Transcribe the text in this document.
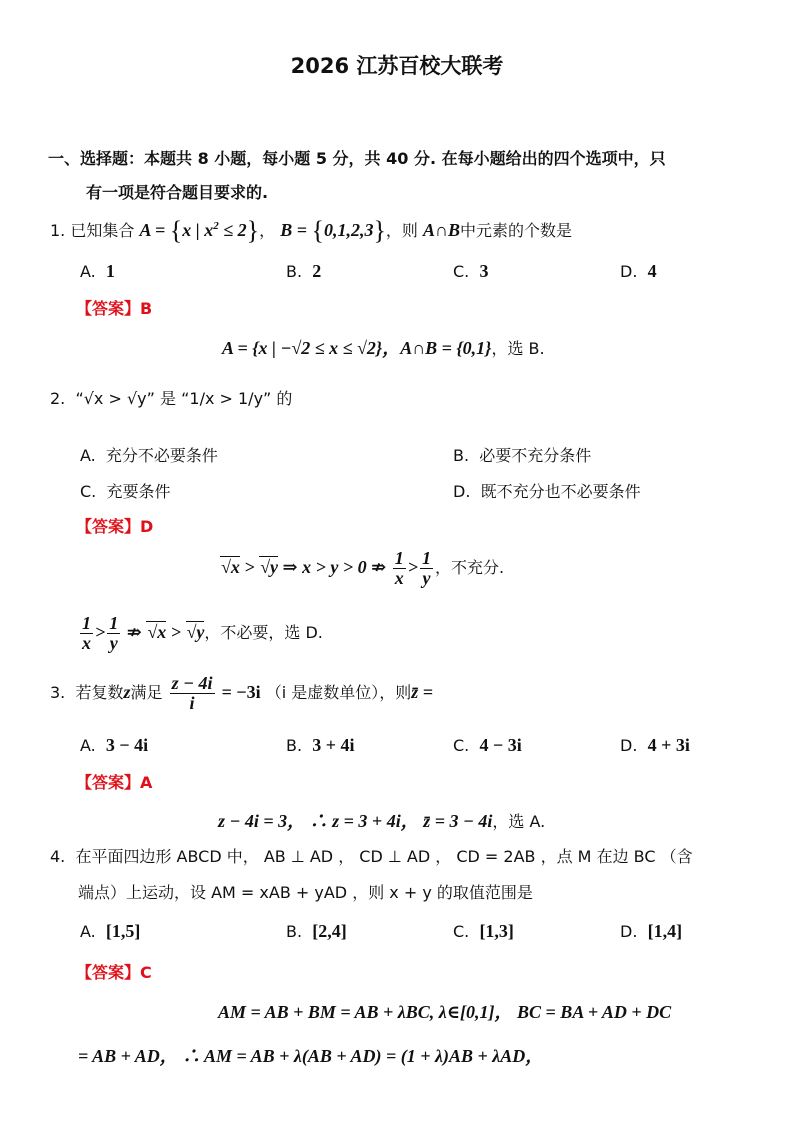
2026 江苏百校大联考
一、选择题：本题共 8 小题，每小题 5 分，共 40 分. 在每小题给出的四个选项中，只
有一项是符合题目要求的.
1. 已知集合 A = {x | $x^2 \le 2$}， B = {0,1,2,3}，则 A∩B中元素的个数是
A. 1	B. 2	C. 3	D. 4
【答案】B
A = {x | −√2 ≤ x ≤ √2}，A∩B = {0,1}，选 B.
2. “√x > √y” 是 “1/x > 1/y” 的
A. 充分不必要条件	B. 必要不充分条件
C. 充要条件	D. 既不充分也不必要条件
【答案】D
√x > √y ⇒ x > y > 0 ⇏ $\frac{1}{x} > \frac{1}{y}$ ，不充分.
$\frac{1}{x} > \frac{1}{y}$ ⇏ √x > √y，不必要，选 D.
3. 若复数z满足 $\frac{z - 4i}{i} = -3i$ （i 是虚数单位），则z̄ =
A. 3 − 4i	B. 3 + 4i	C. 4 − 3i	D. 4 + 3i
【答案】A
z − 4i = 3， ∴ z = 3 + 4i， z̄ = 3 − 4i，选 A.
4. 在平面四边形 ABCD 中， AB ⊥ AD ， CD ⊥ AD ， CD = 2AB ，点 M 在边 BC （含
端点）上运动，设 AM = xAB + yAD ，则 x + y 的取值范围是
A. [1,5]	B. [2,4]	C. [1,3]	D. [1,4]
【答案】C
AM = AB + BM = AB + λBC, λ∈[0,1]， BC = BA + AD + DC
= AB + AD， ∴ AM = AB + λ(AB + AD) = (1 + λ)AB + λAD，
